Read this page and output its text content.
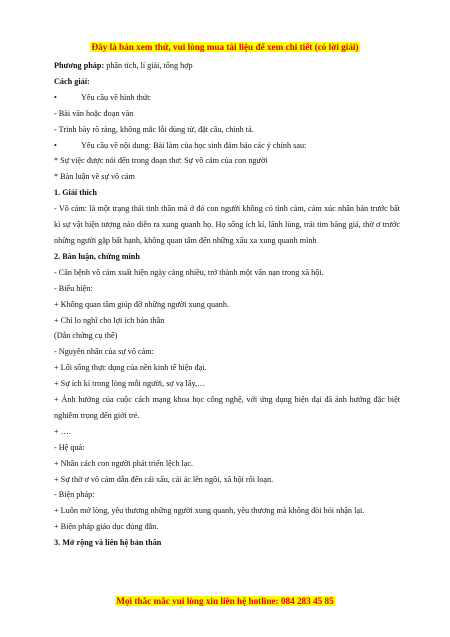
Đây là bản xem thử, vui lòng mua tài liệu để xem chi tiết (có lời giải)

Phương pháp: phân tích, lí giải, tổng hợp

Cách giải:

•	Yêu cầu về hình thức

- Bài văn hoặc đoạn văn

- Trình bày rõ ràng, không mắc lỗi dùng từ, đặt câu, chính tả.

•	Yêu cầu về nội dung: Bài làm của học sinh đảm bảo các ý chính sau:

* Sự việc được nói đến trong đoạn thơ: Sự vô cảm của con người

* Bàn luận về sự vô cảm

1. Giải thích

- Vô cảm: là một trạng thái tinh thần mà ở đó con người không có tình cảm, cảm xúc nhân bản trước bất kì sự vật hiện tượng nào diễn ra xung quanh họ. Họ sống ích kỉ, lãnh lùng, trái tim băng giá, thờ ơ trước những người gặp bất hạnh, không quan tâm đến những xấu xa xung quanh mình

2. Bàn luận, chứng minh

- Căn bệnh vô cảm xuất hiện ngày càng nhiều, trở thành một vấn nạn trong xã hội.

- Biểu hiện:

+ Không quan tâm giúp đỡ những người xung quanh.

+ Chỉ lo nghĩ cho lợi ích bản thân

(Dẫn chứng cụ thể)

- Nguyên nhân của sự vô cảm:

+ Lối sống thực dụng của nền kinh tế hiện đại.

+ Sự ích kỉ trong lòng mỗi người, sợ vạ lây,…

+ Ảnh hưởng của cuộc cách mạng khoa học công nghệ, với ứng dụng hiện đại đã ảnh hưởng đặc biệt nghiêm trọng đến giới trẻ.

+ ….

- Hệ quả:

+ Nhân cách con người phát triển lệch lạc.

+ Sự thờ ơ vô cảm dẫn đến cái xấu, cái ác lên ngôi, xã hội rối loạn.

- Biện pháp:

+ Luôn mở lòng, yêu thương những người xung quanh, yêu thương mà không đòi hỏi nhận lại.

+ Biện pháp giáo dục đúng đắn.

3. Mở rộng và liên hệ bản thân

Mọi thắc mắc vui lòng xin liên hệ hotline: 084 283 45 85
